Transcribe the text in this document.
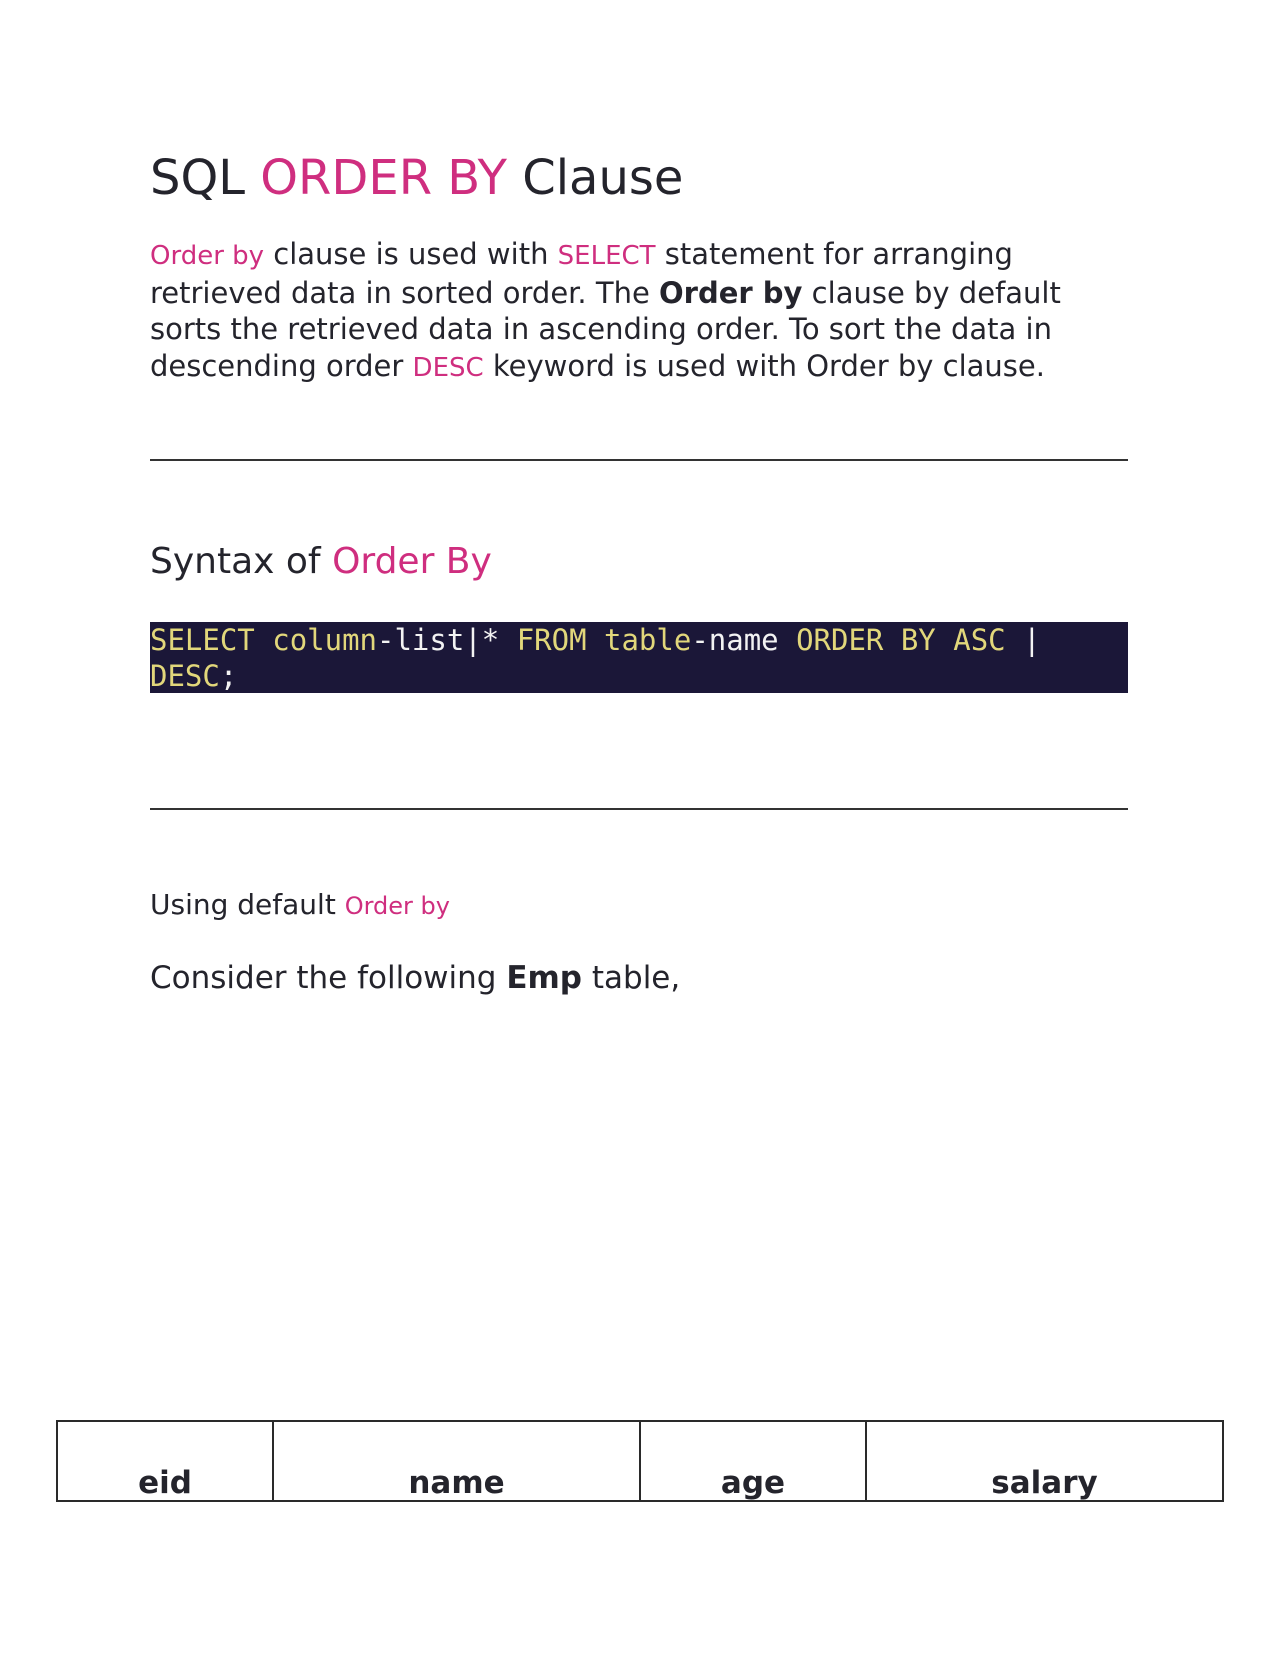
SQL ORDER BY Clause

Order by clause is used with SELECT statement for arranging retrieved data in sorted order. The Order by clause by default sorts the retrieved data in ascending order. To sort the data in descending order DESC keyword is used with Order by clause.

Syntax of Order By
SELECT column-list|* FROM table-name ORDER BY ASC | DESC;

Using default Order by

Consider the following Emp table,

eid	name	age	salary
